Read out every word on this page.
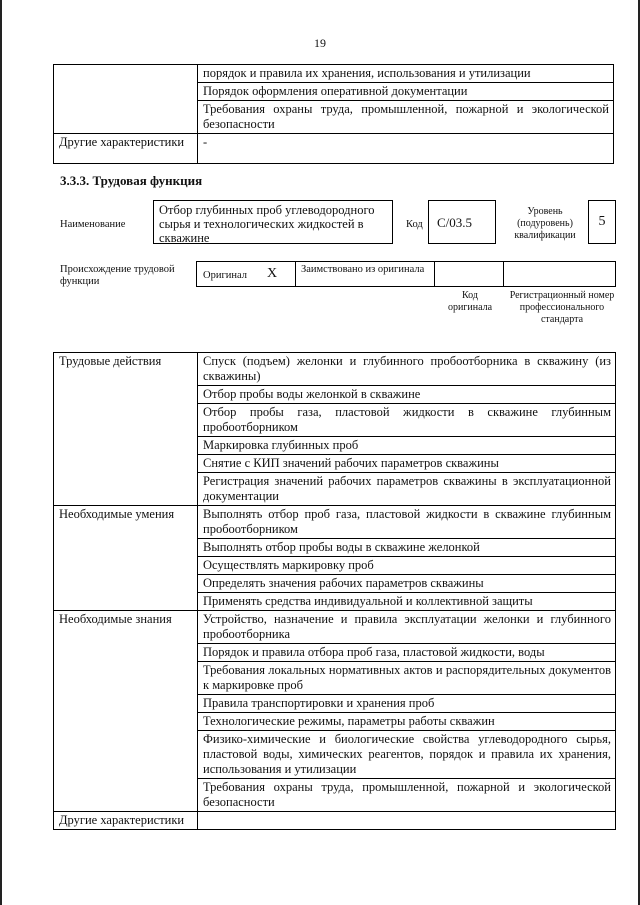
19
	порядок и правила их хранения, использования и утилизации
	Порядок оформления оперативной документации
	Требования охраны труда, промышленной, пожарной и экологической безопасности
Другие характеристики	-
3.3.3. Трудовая функция
Наименование
Отбор глубинных проб углеводородного сырья и технологических жидкостей в скважине
Код	C/03.5
Уровень (подуровень) квалификации
5
Происхождение трудовой функции
Оригинал X	Заимствовано из оригинала
Код оригинала
Регистрационный номер профессионального стандарта
Трудовые действия	Спуск (подъем) желонки и глубинного пробоотборника в скважину (из скважины)
	Отбор пробы воды желонкой в скважине
	Отбор пробы газа, пластовой жидкости в скважине глубинным пробоотборником
	Маркировка глубинных проб
	Снятие с КИП значений рабочих параметров скважины
	Регистрация значений рабочих параметров скважины в эксплуатационной документации
Необходимые умения	Выполнять отбор проб газа, пластовой жидкости в скважине глубинным пробоотборником
	Выполнять отбор пробы воды в скважине желонкой
	Осуществлять маркировку проб
	Определять значения рабочих параметров скважины
	Применять средства индивидуальной и коллективной защиты
Необходимые знания	Устройство, назначение и правила эксплуатации желонки и глубинного пробоотборника
	Порядок и правила отбора проб газа, пластовой жидкости, воды
	Требования локальных нормативных актов и распорядительных документов к маркировке проб
	Правила транспортировки и хранения проб
	Технологические режимы, параметры работы скважин
	Физико-химические и биологические свойства углеводородного сырья, пластовой воды, химических реагентов, порядок и правила их хранения, использования и утилизации
	Требования охраны труда, промышленной, пожарной и экологической безопасности
Другие характеристики	
